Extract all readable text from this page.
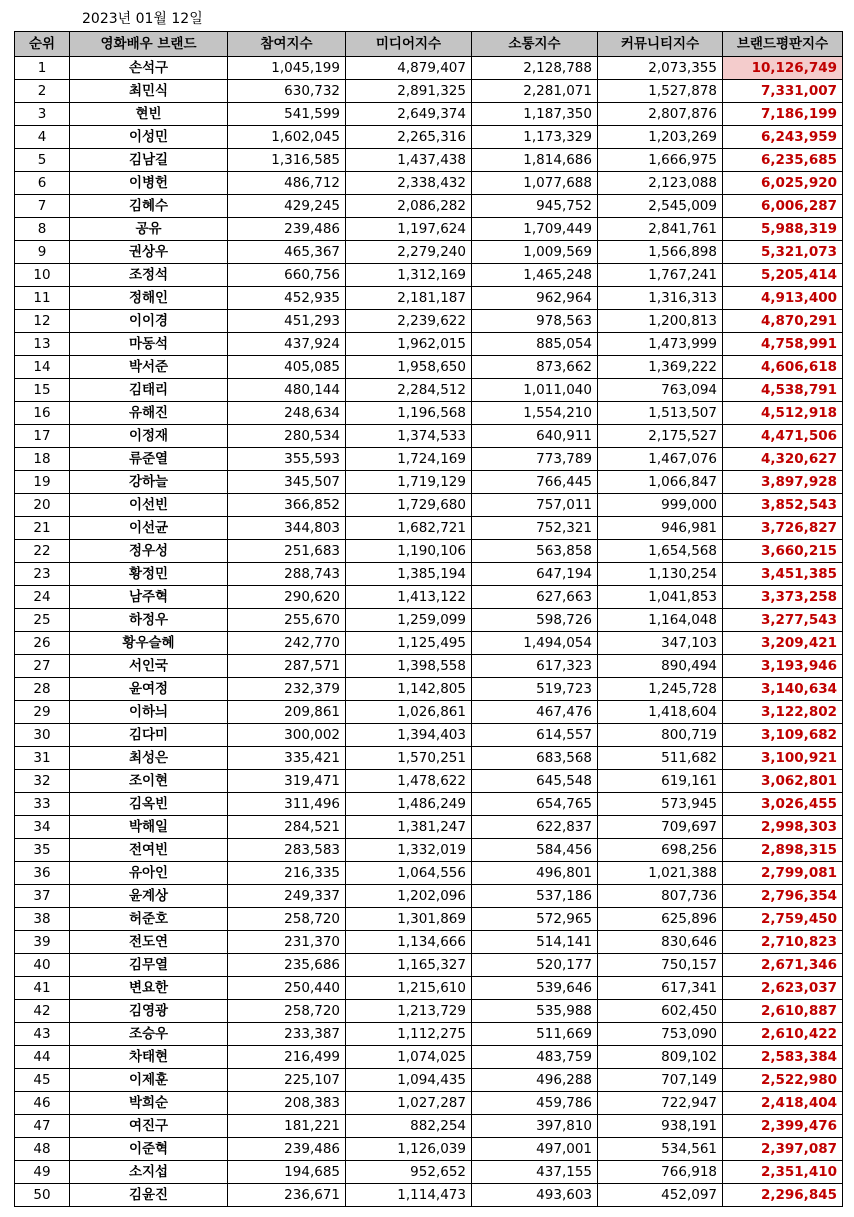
2023년 01월 12일
순위	영화배우 브랜드	참여지수	미디어지수	소통지수	커뮤니티지수	브랜드평판지수
1	손석구	1,045,199	4,879,407	2,128,788	2,073,355	10,126,749
2	최민식	630,732	2,891,325	2,281,071	1,527,878	7,331,007
3	현빈	541,599	2,649,374	1,187,350	2,807,876	7,186,199
4	이성민	1,602,045	2,265,316	1,173,329	1,203,269	6,243,959
5	김남길	1,316,585	1,437,438	1,814,686	1,666,975	6,235,685
6	이병헌	486,712	2,338,432	1,077,688	2,123,088	6,025,920
7	김혜수	429,245	2,086,282	945,752	2,545,009	6,006,287
8	공유	239,486	1,197,624	1,709,449	2,841,761	5,988,319
9	권상우	465,367	2,279,240	1,009,569	1,566,898	5,321,073
10	조정석	660,756	1,312,169	1,465,248	1,767,241	5,205,414
11	정해인	452,935	2,181,187	962,964	1,316,313	4,913,400
12	이이경	451,293	2,239,622	978,563	1,200,813	4,870,291
13	마동석	437,924	1,962,015	885,054	1,473,999	4,758,991
14	박서준	405,085	1,958,650	873,662	1,369,222	4,606,618
15	김태리	480,144	2,284,512	1,011,040	763,094	4,538,791
16	유해진	248,634	1,196,568	1,554,210	1,513,507	4,512,918
17	이정재	280,534	1,374,533	640,911	2,175,527	4,471,506
18	류준열	355,593	1,724,169	773,789	1,467,076	4,320,627
19	강하늘	345,507	1,719,129	766,445	1,066,847	3,897,928
20	이선빈	366,852	1,729,680	757,011	999,000	3,852,543
21	이선균	344,803	1,682,721	752,321	946,981	3,726,827
22	정우성	251,683	1,190,106	563,858	1,654,568	3,660,215
23	황정민	288,743	1,385,194	647,194	1,130,254	3,451,385
24	남주혁	290,620	1,413,122	627,663	1,041,853	3,373,258
25	하정우	255,670	1,259,099	598,726	1,164,048	3,277,543
26	황우슬혜	242,770	1,125,495	1,494,054	347,103	3,209,421
27	서인국	287,571	1,398,558	617,323	890,494	3,193,946
28	윤여정	232,379	1,142,805	519,723	1,245,728	3,140,634
29	이하늬	209,861	1,026,861	467,476	1,418,604	3,122,802
30	김다미	300,002	1,394,403	614,557	800,719	3,109,682
31	최성은	335,421	1,570,251	683,568	511,682	3,100,921
32	조이현	319,471	1,478,622	645,548	619,161	3,062,801
33	김옥빈	311,496	1,486,249	654,765	573,945	3,026,455
34	박해일	284,521	1,381,247	622,837	709,697	2,998,303
35	전여빈	283,583	1,332,019	584,456	698,256	2,898,315
36	유아인	216,335	1,064,556	496,801	1,021,388	2,799,081
37	윤계상	249,337	1,202,096	537,186	807,736	2,796,354
38	허준호	258,720	1,301,869	572,965	625,896	2,759,450
39	전도연	231,370	1,134,666	514,141	830,646	2,710,823
40	김무열	235,686	1,165,327	520,177	750,157	2,671,346
41	변요한	250,440	1,215,610	539,646	617,341	2,623,037
42	김영광	258,720	1,213,729	535,988	602,450	2,610,887
43	조승우	233,387	1,112,275	511,669	753,090	2,610,422
44	차태현	216,499	1,074,025	483,759	809,102	2,583,384
45	이제훈	225,107	1,094,435	496,288	707,149	2,522,980
46	박희순	208,383	1,027,287	459,786	722,947	2,418,404
47	여진구	181,221	882,254	397,810	938,191	2,399,476
48	이준혁	239,486	1,126,039	497,001	534,561	2,397,087
49	소지섭	194,685	952,652	437,155	766,918	2,351,410
50	김윤진	236,671	1,114,473	493,603	452,097	2,296,845
